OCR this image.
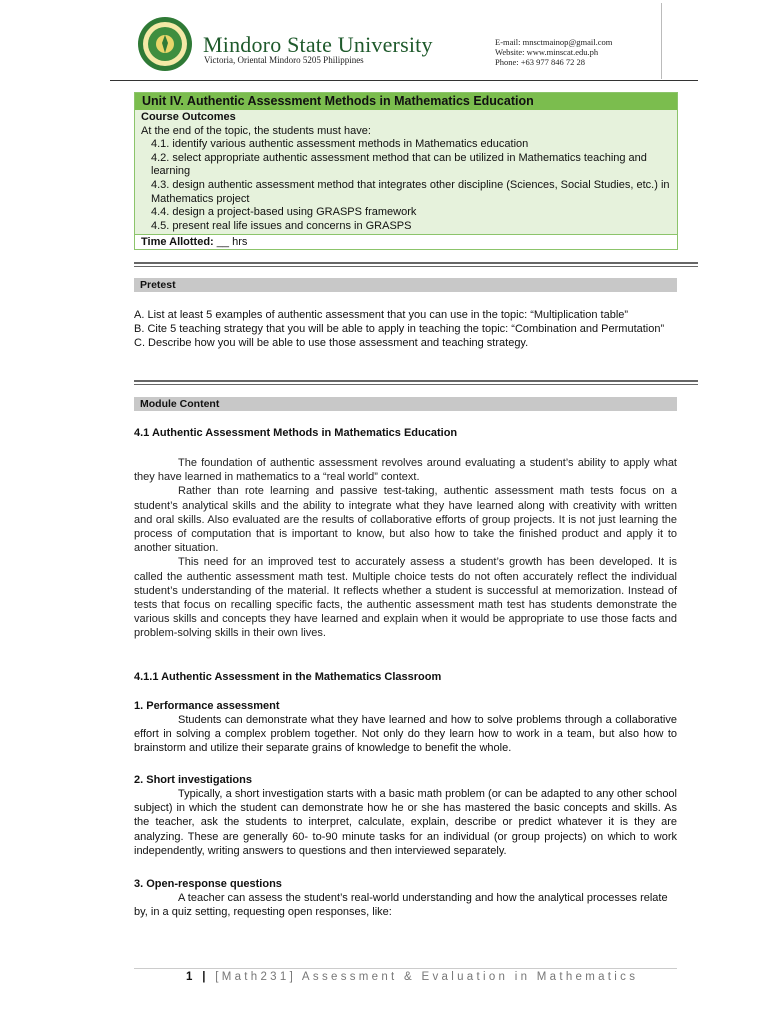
Mindoro State University
Victoria, Oriental Mindoro 5205 Philippines
E-mail: mnsctmainop@gmail.com
Website: www.minscat.edu.ph
Phone: +63 977 846 72 28
Unit IV. Authentic Assessment Methods in Mathematics Education
Course Outcomes
At the end of the topic, the students must have:
4.1. identify various authentic assessment methods in Mathematics education
4.2. select appropriate authentic assessment method that can be utilized in Mathematics teaching and learning
4.3. design authentic assessment method that integrates other discipline (Sciences, Social Studies, etc.) in Mathematics project
4.4. design a project-based using GRASPS framework
4.5. present real life issues and concerns in GRASPS
Time Allotted: __ hrs
Pretest
A. List at least 5 examples of authentic assessment that you can use in the topic: “Multiplication table”
B. Cite 5 teaching strategy that you will be able to apply in teaching the topic: “Combination and Permutation”
C. Describe how you will be able to use those assessment and teaching strategy.
Module Content
4.1 Authentic Assessment Methods in Mathematics Education
The foundation of authentic assessment revolves around evaluating a student’s ability to apply what they have learned in mathematics to a “real world” context.
Rather than rote learning and passive test-taking, authentic assessment math tests focus on a student’s analytical skills and the ability to integrate what they have learned along with creativity with written and oral skills. Also evaluated are the results of collaborative efforts of group projects. It is not just learning the process of computation that is important to know, but also how to take the finished product and apply it to another situation.
This need for an improved test to accurately assess a student’s growth has been developed. It is called the authentic assessment math test. Multiple choice tests do not often accurately reflect the individual student’s understanding of the material. It reflects whether a student is successful at memorization. Instead of tests that focus on recalling specific facts, the authentic assessment math test has students demonstrate the various skills and concepts they have learned and explain when it would be appropriate to use those facts and problem-solving skills in their own lives.
4.1.1 Authentic Assessment in the Mathematics Classroom
1. Performance assessment
Students can demonstrate what they have learned and how to solve problems through a collaborative effort in solving a complex problem together. Not only do they learn how to work in a team, but also how to brainstorm and utilize their separate grains of knowledge to benefit the whole.
2. Short investigations
Typically, a short investigation starts with a basic math problem (or can be adapted to any other school subject) in which the student can demonstrate how he or she has mastered the basic concepts and skills. As the teacher, ask the students to interpret, calculate, explain, describe or predict whatever it is they are analyzing. These are generally 60- to-90 minute tasks for an individual (or group projects) on which to work independently, writing answers to questions and then interviewed separately.
3. Open-response questions
A teacher can assess the student’s real-world understanding and how the analytical processes relate by, in a quiz setting, requesting open responses, like:
1 | [Math231] Assessment & Evaluation in Mathematics
